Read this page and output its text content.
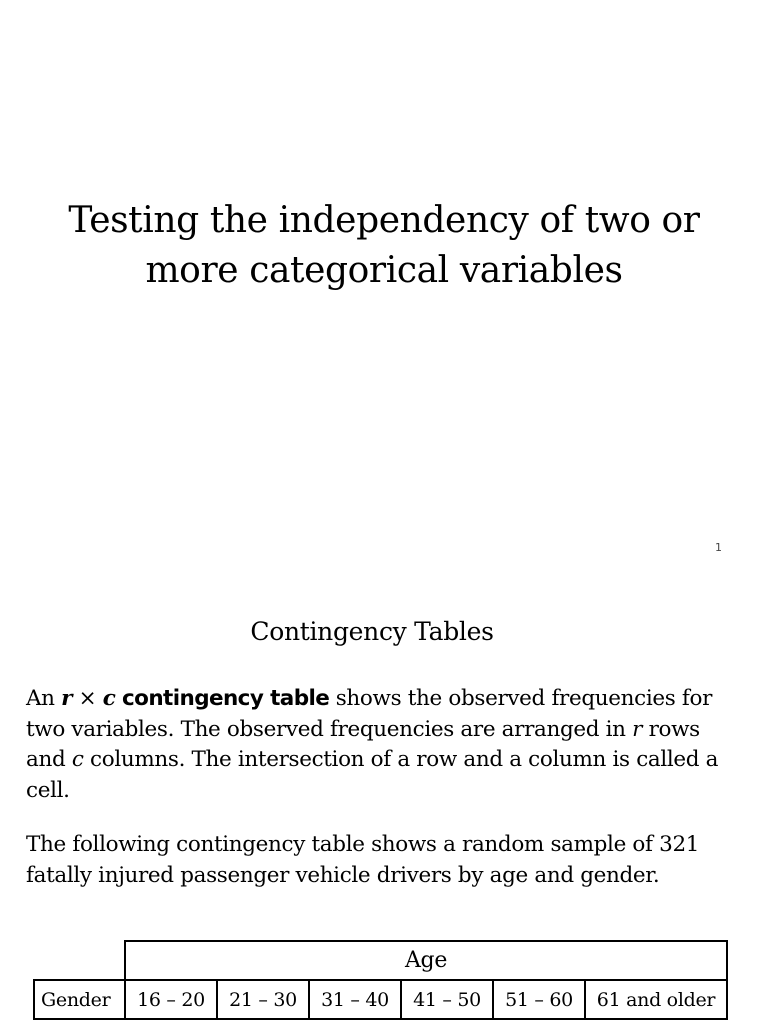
Testing the independency of two or
more categorical variables
1
Contingency Tables

An r × c contingency table shows the observed frequencies for two variables. The observed frequencies are arranged in r rows and c columns. The intersection of a row and a column is called a cell.

The following contingency table shows a random sample of 321 fatally injured passenger vehicle drivers by age and gender.

	Age					
Gender	16 – 20	21 – 30	31 – 40	41 – 50	51 – 60	61 and older
